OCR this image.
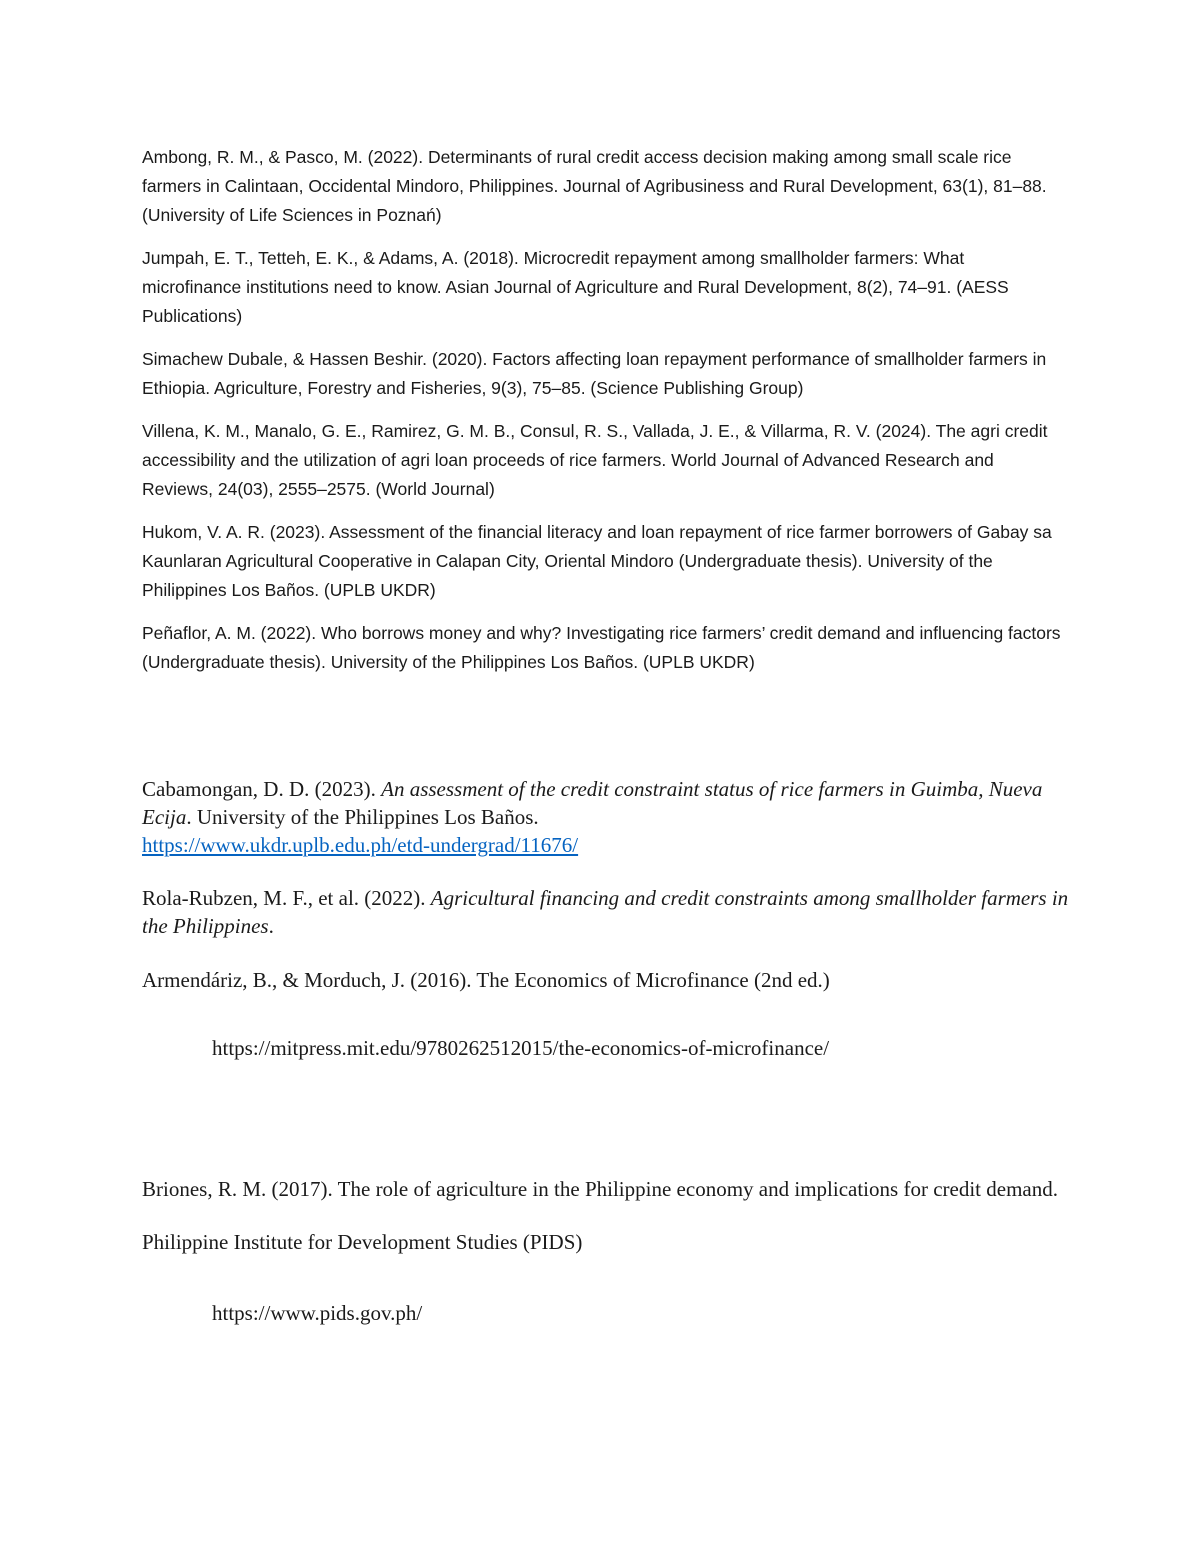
Ambong, R. M., & Pasco, M. (2022). Determinants of rural credit access decision making among small scale rice farmers in Calintaan, Occidental Mindoro, Philippines. Journal of Agribusiness and Rural Development, 63(1), 81–88. (University of Life Sciences in Poznań)

Jumpah, E. T., Tetteh, E. K., & Adams, A. (2018). Microcredit repayment among smallholder farmers: What microfinance institutions need to know. Asian Journal of Agriculture and Rural Development, 8(2), 74–91. (AESS Publications)

Simachew Dubale, & Hassen Beshir. (2020). Factors affecting loan repayment performance of smallholder farmers in Ethiopia. Agriculture, Forestry and Fisheries, 9(3), 75–85. (Science Publishing Group)

Villena, K. M., Manalo, G. E., Ramirez, G. M. B., Consul, R. S., Vallada, J. E., & Villarma, R. V. (2024). The agri credit accessibility and the utilization of agri loan proceeds of rice farmers. World Journal of Advanced Research and Reviews, 24(03), 2555–2575. (World Journal)

Hukom, V. A. R. (2023). Assessment of the financial literacy and loan repayment of rice farmer borrowers of Gabay sa Kaunlaran Agricultural Cooperative in Calapan City, Oriental Mindoro (Undergraduate thesis). University of the Philippines Los Baños. (UPLB UKDR)

Peñaflor, A. M. (2022). Who borrows money and why? Investigating rice farmers’ credit demand and influencing factors (Undergraduate thesis). University of the Philippines Los Baños. (UPLB UKDR)

Cabamongan, D. D. (2023). An assessment of the credit constraint status of rice farmers in Guimba, Nueva Ecija. University of the Philippines Los Baños.
https://www.ukdr.uplb.edu.ph/etd-undergrad/11676/
Rola-Rubzen, M. F., et al. (2022). Agricultural financing and credit constraints among smallholder farmers in the Philippines.
Armendáriz, B., & Morduch, J. (2016). The Economics of Microfinance (2nd ed.)
https://mitpress.mit.edu/9780262512015/the-economics-of-microfinance/
Briones, R. M. (2017). The role of agriculture in the Philippine economy and implications for credit demand. Philippine Institute for Development Studies (PIDS)
https://www.pids.gov.ph/
